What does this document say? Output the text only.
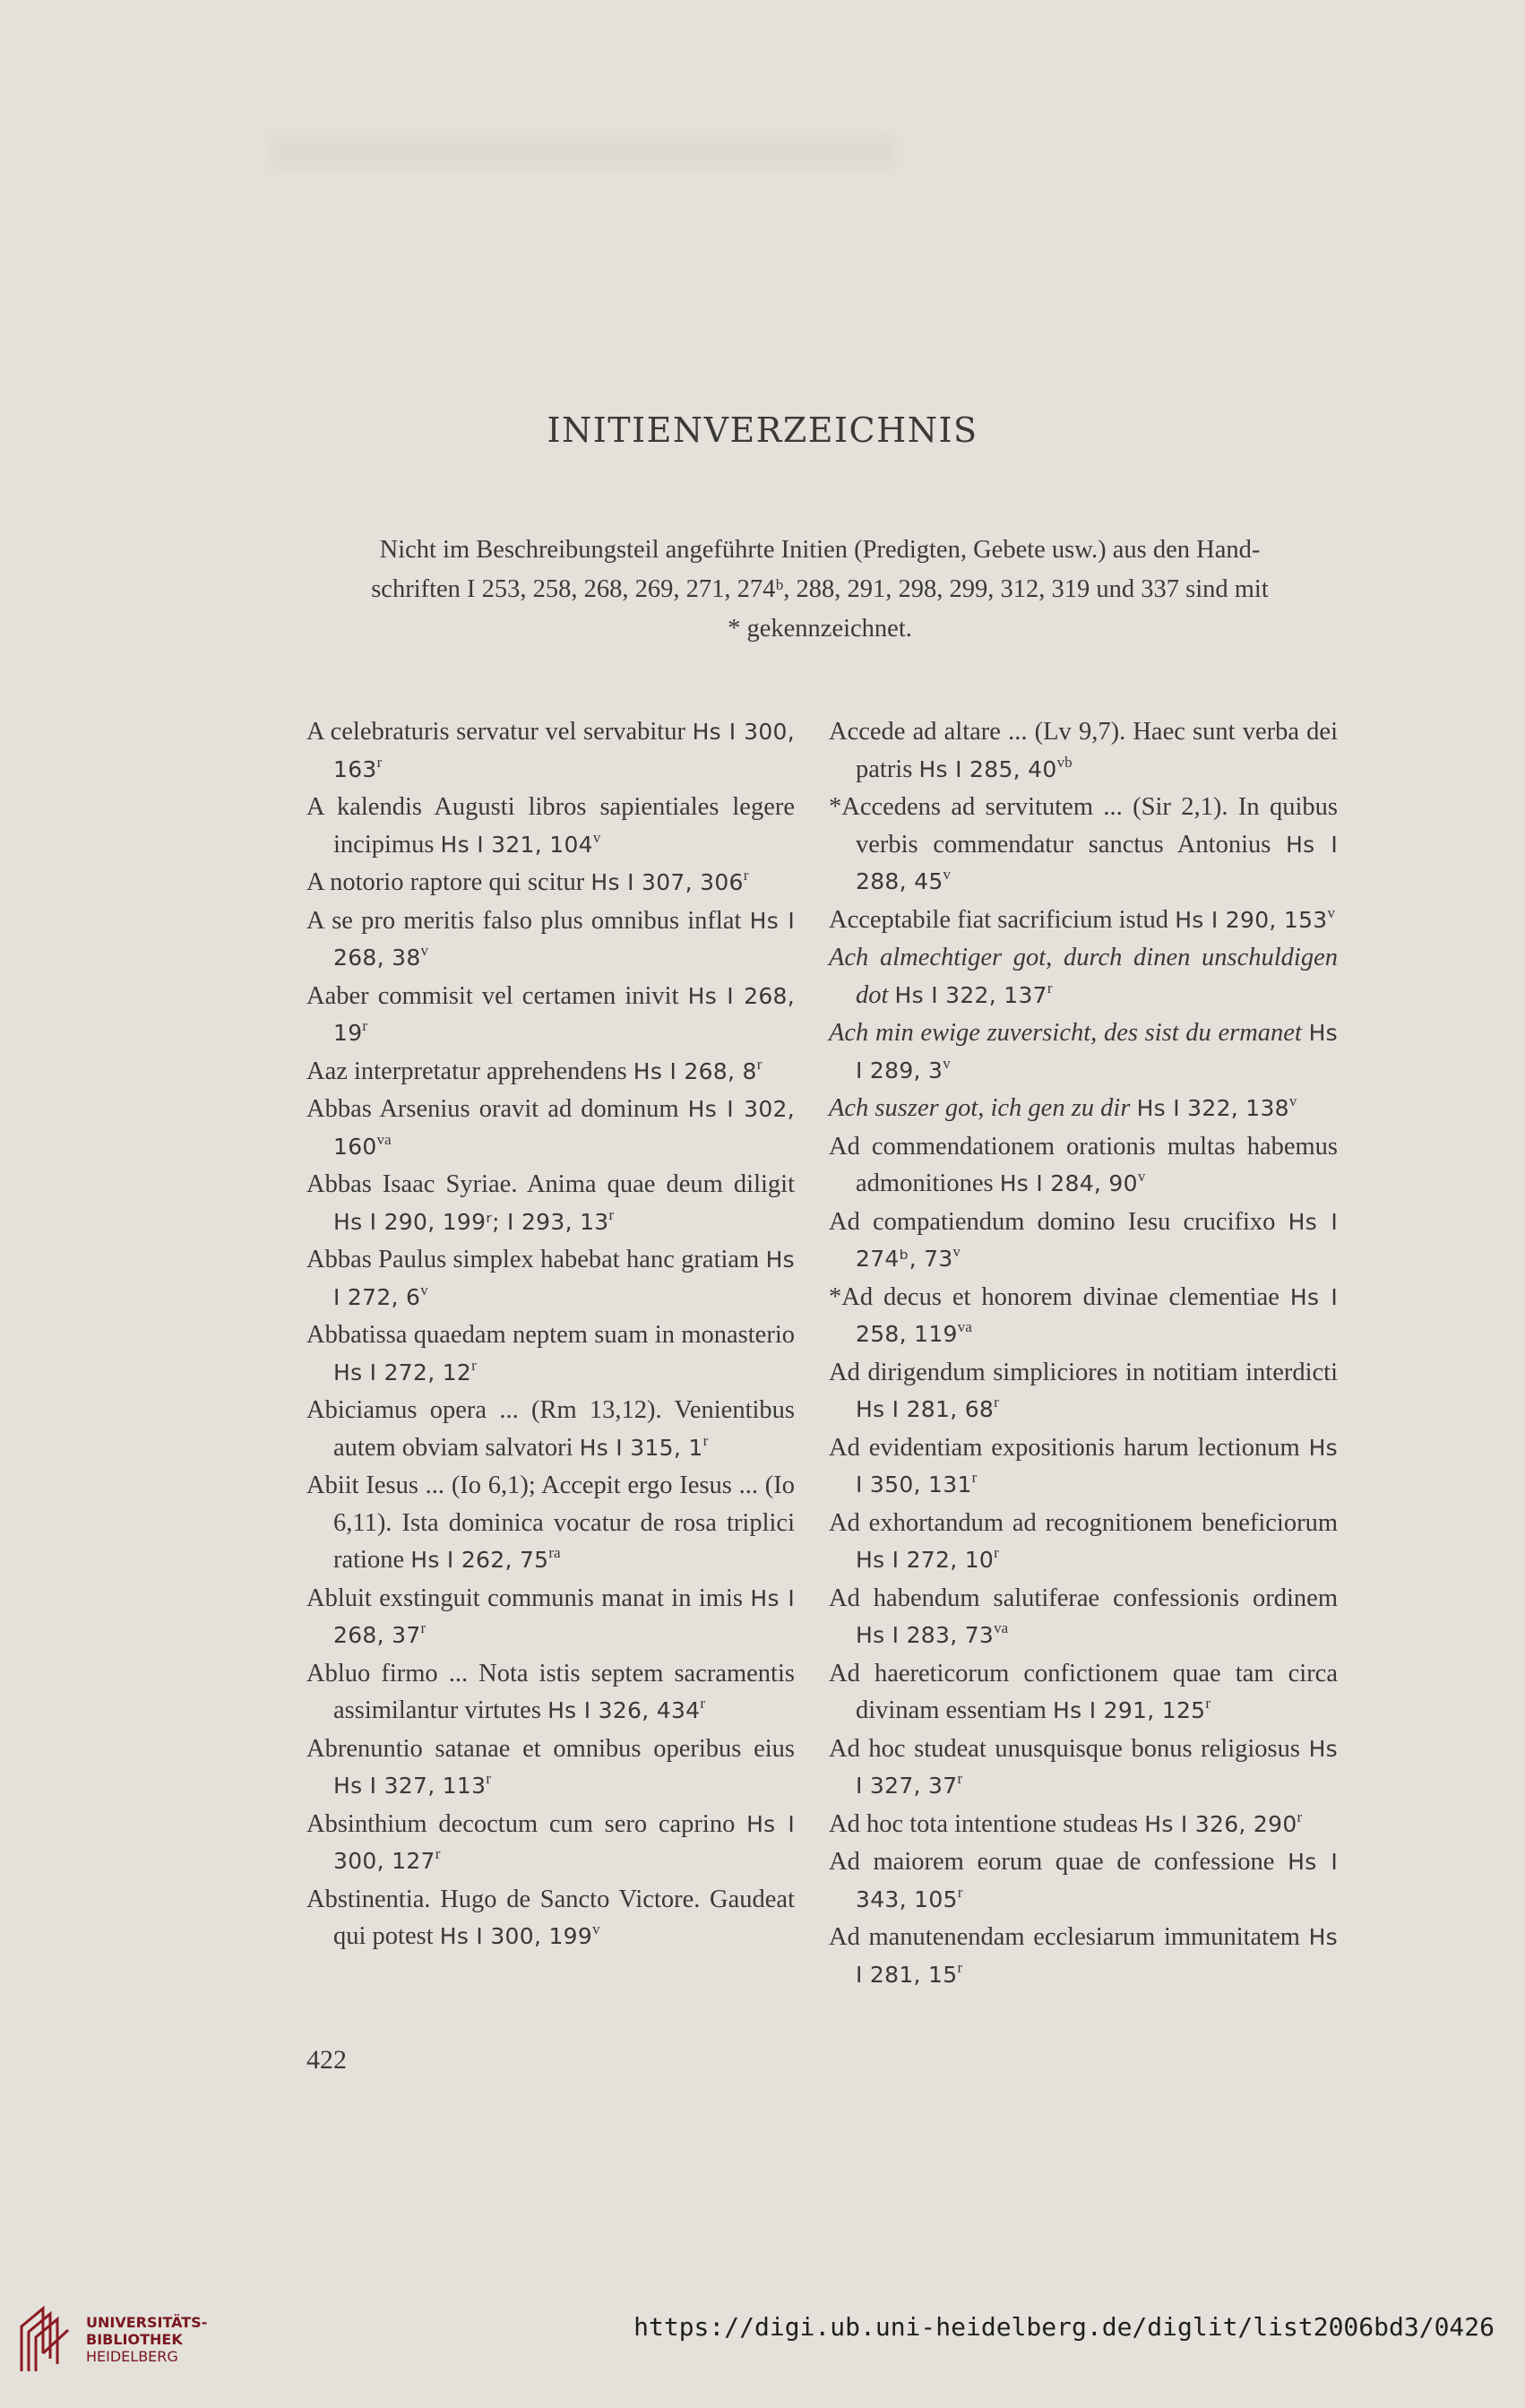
INITIENVERZEICHNIS
Nicht im Beschreibungsteil angeführte Initien (Predigten, Gebete usw.) aus den Hand-
schriften I 253, 258, 268, 269, 271, 274ᵇ, 288, 291, 298, 299, 312, 319 und 337 sind mit
* gekennzeichnet.
A celebraturis servatur vel servabitur Hs I 300, 163$^r$
A kalendis Augusti libros sapientiales legere incipimus Hs I 321, 104$^v$
A notorio raptore qui scitur Hs I 307, 306$^r$
A se pro meritis falso plus omnibus inflat Hs I 268, 38$^v$
Aaber commisit vel certamen inivit Hs I 268, 19$^r$
Aaz interpretatur apprehendens Hs I 268, 8$^r$
Abbas Arsenius oravit ad dominum Hs I 302, $160^{va}$
Abbas Isaac Syriae. Anima quae deum diligit Hs I 290, 199ʳ; I 293, 13$^r$
Abbas Paulus simplex habebat hanc gratiam Hs I 272, 6$^v$
Abbatissa quaedam neptem suam in monasterio Hs I 272, 12$^r$
Abiciamus opera ... (Rm 13,12). Venientibus autem obviam salvatori Hs I 315, 1$^r$
Abiit Iesus ... (Io 6,1); Accepit ergo Iesus ... (Io 6,11). Ista dominica vocatur de rosa triplici ratione Hs I 262, $75^{ra}$
Abluit exstinguit communis manat in imis Hs I 268, 37$^r$
Abluo firmo ... Nota istis septem sacramentis assimilantur virtutes Hs I 326, 434$^r$
Abrenuntio satanae et omnibus operibus eius Hs I 327, 113$^r$
Absinthium decoctum cum sero caprino Hs I 300, 127$^r$
Abstinentia. Hugo de Sancto Victore. Gaudeat qui potest Hs I 300, 199$^v$
Accede ad altare ... (Lv 9,7). Haec sunt verba dei patris Hs I 285, $40^{vb}$
*Accedens ad servitutem ... (Sir 2,1). In quibus verbis commendatur sanctus Antonius Hs I 288, 45$^v$
Acceptabile fiat sacrificium istud Hs I 290, 153$^v$
Ach almechtiger got, durch dinen unschuldigen dot Hs I 322, 137$^r$
Ach min ewige zuversicht, des sist du ermanet Hs I 289, 3$^v$
Ach suszer got, ich gen zu dir Hs I 322, 138$^v$
Ad commendationem orationis multas habemus admonitiones Hs I 284, 90$^v$
Ad compatiendum domino Iesu crucifixo Hs I 274ᵇ, 73$^v$
*Ad decus et honorem divinae clementiae Hs I 258, $119^{va}$
Ad dirigendum simpliciores in notitiam interdicti Hs I 281, 68$^r$
Ad evidentiam expositionis harum lectionum Hs I 350, 131$^r$
Ad exhortandum ad recognitionem beneficiorum Hs I 272, 10$^r$
Ad habendum salutiferae confessionis ordinem Hs I 283, $73^{va}$
Ad haereticorum confictionem quae tam circa divinam essentiam Hs I 291, 125$^r$
Ad hoc studeat unusquisque bonus religiosus Hs I 327, 37$^r$
Ad hoc tota intentione studeas Hs I 326, 290$^r$
Ad maiorem eorum quae de confessione Hs I 343, 105$^r$
Ad manutenendam ecclesiarum immunitatem Hs I 281, 15$^r$
422
UNIVERSITÄTS-
BIBLIOTHEK
HEIDELBERG
https://digi.ub.uni-heidelberg.de/diglit/list2006bd3/0426
